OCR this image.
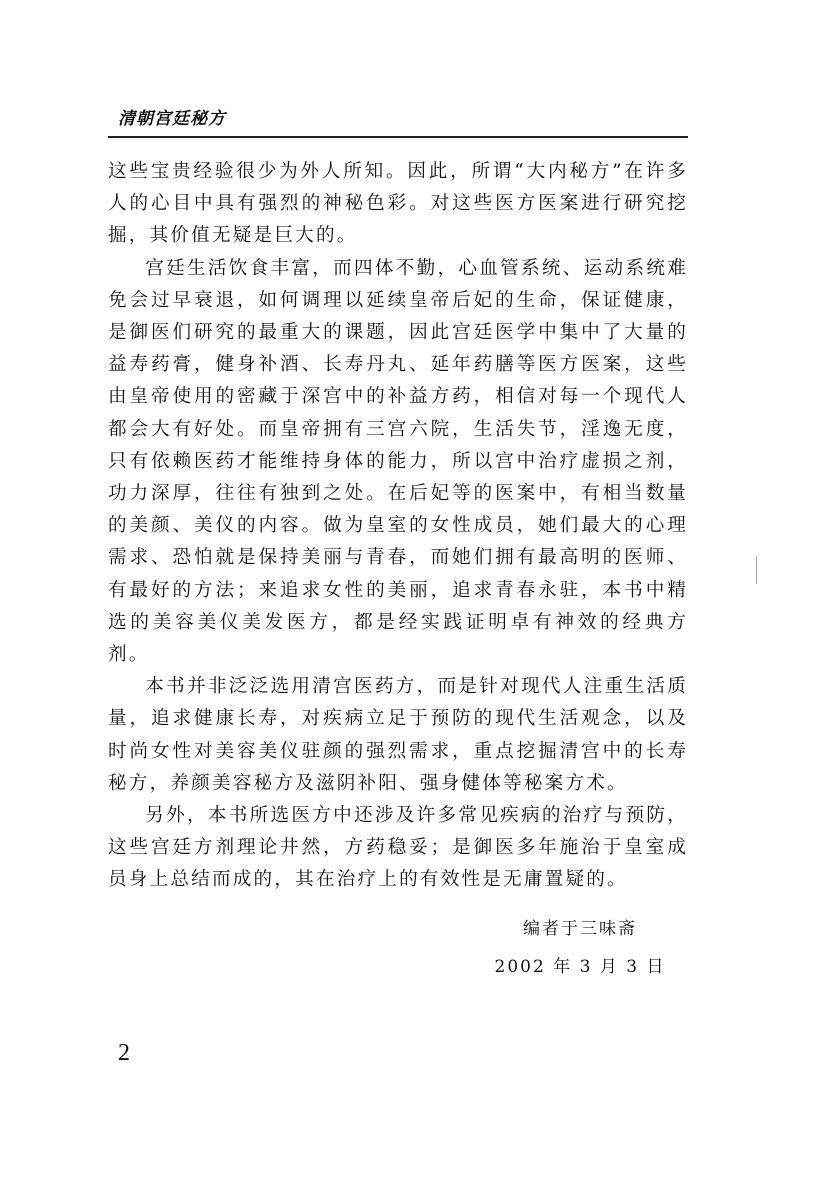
清朝宫廷秘方

这些宝贵经验很少为外人所知。因此，所谓“大内秘方”在许多人的心目中具有强烈的神秘色彩。对这些医方医案进行研究挖掘，其价值无疑是巨大的。

宫廷生活饮食丰富，而四体不勤，心血管系统、运动系统难免会过早衰退，如何调理以延续皇帝后妃的生命，保证健康，是御医们研究的最重大的课题，因此宫廷医学中集中了大量的益寿药膏，健身补酒、长寿丹丸、延年药膳等医方医案，这些由皇帝使用的密藏于深宫中的补益方药，相信对每一个现代人都会大有好处。而皇帝拥有三宫六院，生活失节，淫逸无度，只有依赖医药才能维持身体的能力，所以宫中治疗虚损之剂，功力深厚，往往有独到之处。在后妃等的医案中，有相当数量的美颜、美仪的内容。做为皇室的女性成员，她们最大的心理需求、恐怕就是保持美丽与青春，而她们拥有最高明的医师、有最好的方法；来追求女性的美丽，追求青春永驻，本书中精选的美容美仪美发医方，都是经实践证明卓有神效的经典方剂。

本书并非泛泛选用清宫医药方，而是针对现代人注重生活质量，追求健康长寿，对疾病立足于预防的现代生活观念，以及时尚女性对美容美仪驻颜的强烈需求，重点挖掘清宫中的长寿秘方，养颜美容秘方及滋阴补阳、强身健体等秘案方术。

另外，本书所选医方中还涉及许多常见疾病的治疗与预防，这些宫廷方剂理论井然，方药稳妥；是御医多年施治于皇室成员身上总结而成的，其在治疗上的有效性是无庸置疑的。

编者于三味斋
2002 年 3 月 3 日
2
